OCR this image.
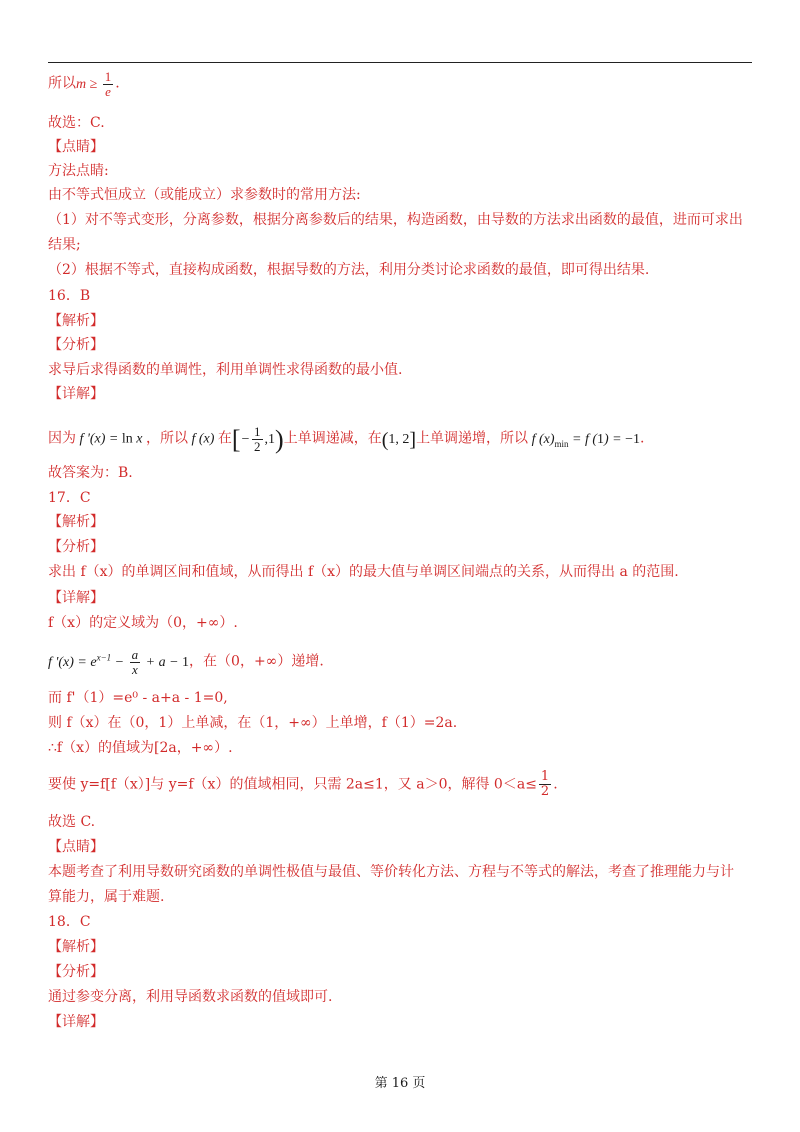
所以$m \ge \frac{1}{e}$ .
故选：C.
【点睛】
方法点睛:
由不等式恒成立（或能成立）求参数时的常用方法:
（1）对不等式变形，分离参数，根据分离参数后的结果，构造函数，由导数的方法求出函数的最值，进而可求出
结果;
（2）根据不等式，直接构成函数，根据导数的方法，利用分类讨论求函数的最值，即可得出结果.
16．B
【解析】
【分析】
求导后求得函数的单调性，利用单调性求得函数的最小值.
【详解】
因为 f '(x) = ln x ，所以 f (x) 在[− $\frac{1}{2} ,1$)上单调递减，在(1, 2]上单调递增，所以 f $(x)_{min} = f$ (1) = −1.
故答案为：B.
17．C
【解析】
【分析】
求出 f（x）的单调区间和值域，从而得出 f（x）的最大值与单调区间端点的关系，从而得出 a 的范围.
【详解】
f（x）的定义域为（0，+∞）.
f '$(x) = e^{x-1} - \frac{a}{x} + a - 1$，在（0，+∞）递增.
而 f'（1）=e⁰ - a+a - 1=0,
则 f（x）在（0，1）上单减，在（1，+∞）上单增，f（1）=2a.
∴f（x）的值域为[2a，+∞）.
要使 y=f[f（x）]与 y=f（x）的值域相同，只需 2a≤1，又 a＞0，解得 $0<a\le \frac{1}{2}$ .
故选 C.
【点睛】
本题考查了利用导数研究函数的单调性极值与最值、等价转化方法、方程与不等式的解法，考查了推理能力与计
算能力，属于难题.
18．C
【解析】
【分析】
通过参变分离，利用导函数求函数的值域即可.
【详解】
第 16 页
